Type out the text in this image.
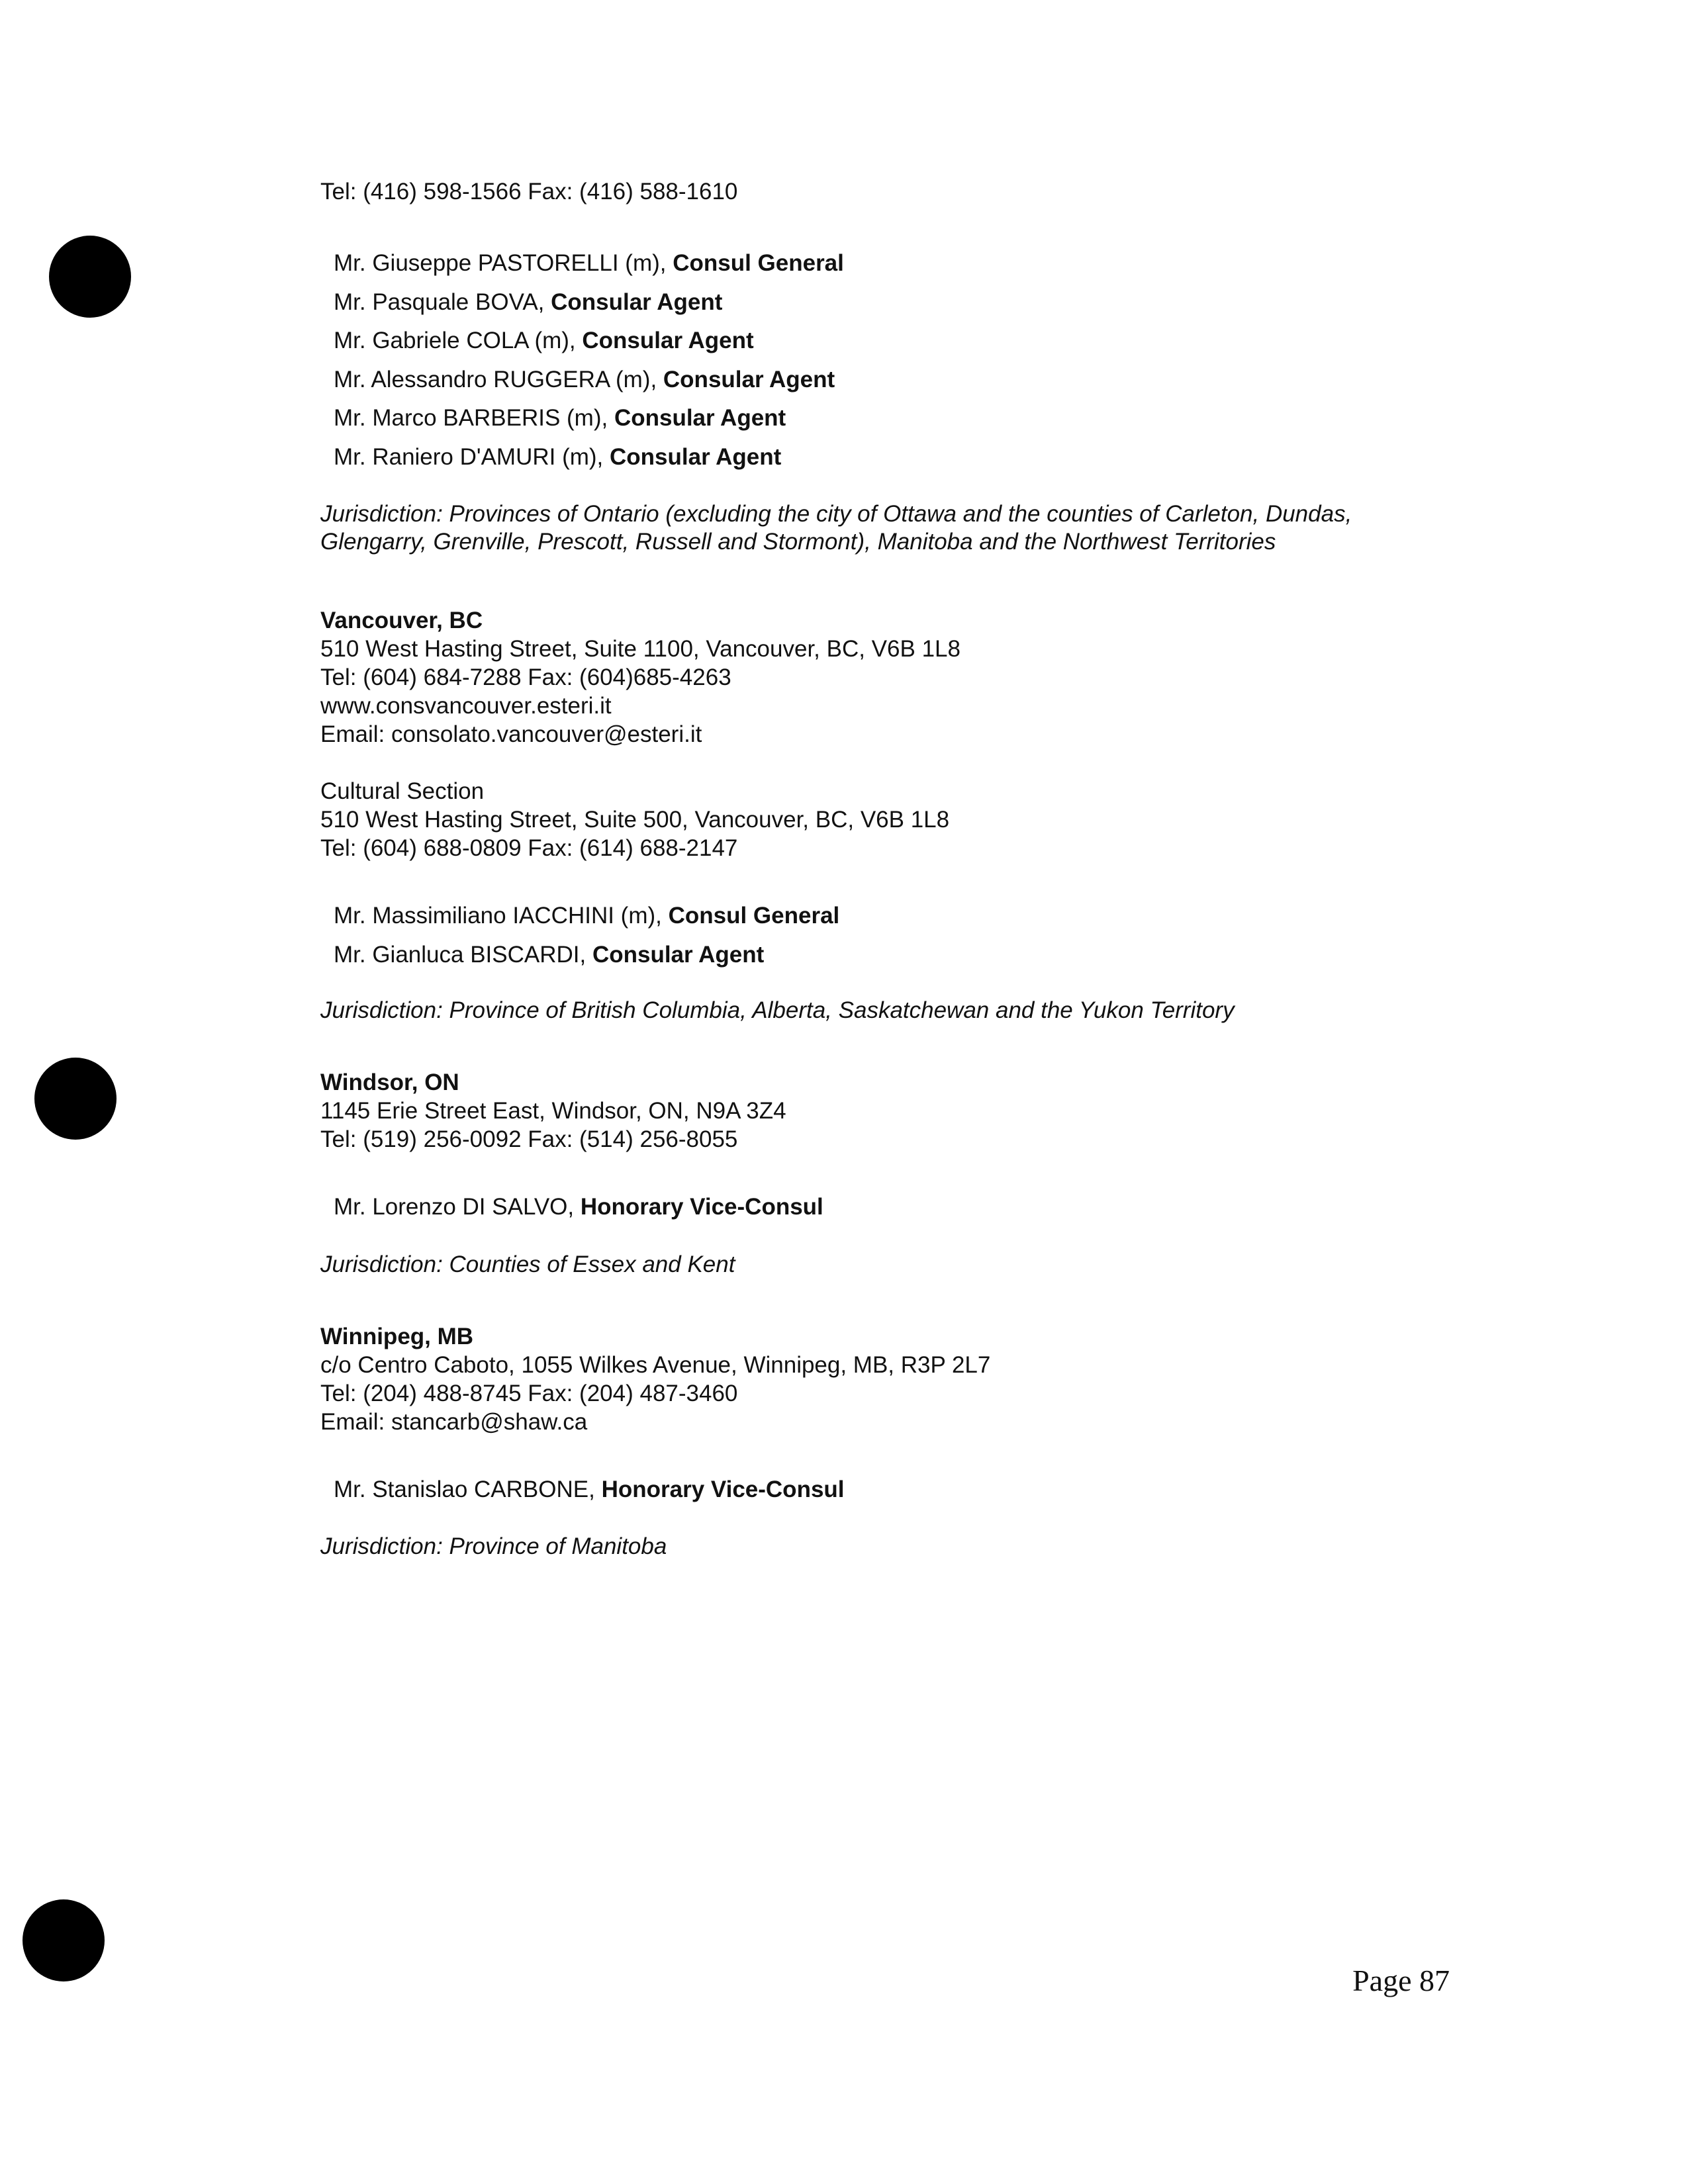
Tel: (416) 598-1566 Fax: (416) 588-1610
Mr. Giuseppe PASTORELLI (m), Consul General
Mr. Pasquale BOVA, Consular Agent
Mr. Gabriele COLA (m), Consular Agent
Mr. Alessandro RUGGERA (m), Consular Agent
Mr. Marco BARBERIS (m), Consular Agent
Mr. Raniero D'AMURI (m), Consular Agent
Jurisdiction: Provinces of Ontario (excluding the city of Ottawa and the counties of Carleton, Dundas, Glengarry, Grenville, Prescott, Russell and Stormont), Manitoba and the Northwest Territories
Vancouver, BC
510 West Hasting Street, Suite 1100, Vancouver, BC, V6B 1L8
Tel: (604) 684-7288 Fax: (604)685-4263
www.consvancouver.esteri.it
Email: consolato.vancouver@esteri.it
Cultural Section
510 West Hasting Street, Suite 500, Vancouver, BC, V6B 1L8
Tel: (604) 688-0809 Fax: (614) 688-2147
Mr. Massimiliano IACCHINI (m), Consul General
Mr. Gianluca BISCARDI, Consular Agent
Jurisdiction: Province of British Columbia, Alberta, Saskatchewan and the Yukon Territory
Windsor, ON
1145 Erie Street East, Windsor, ON, N9A 3Z4
Tel: (519) 256-0092 Fax: (514) 256-8055
Mr. Lorenzo DI SALVO, Honorary Vice-Consul
Jurisdiction: Counties of Essex and Kent
Winnipeg, MB
c/o Centro Caboto, 1055 Wilkes Avenue, Winnipeg, MB, R3P 2L7
Tel: (204) 488-8745 Fax: (204) 487-3460
Email: stancarb@shaw.ca
Mr. Stanislao CARBONE, Honorary Vice-Consul
Jurisdiction: Province of Manitoba
Page 87
